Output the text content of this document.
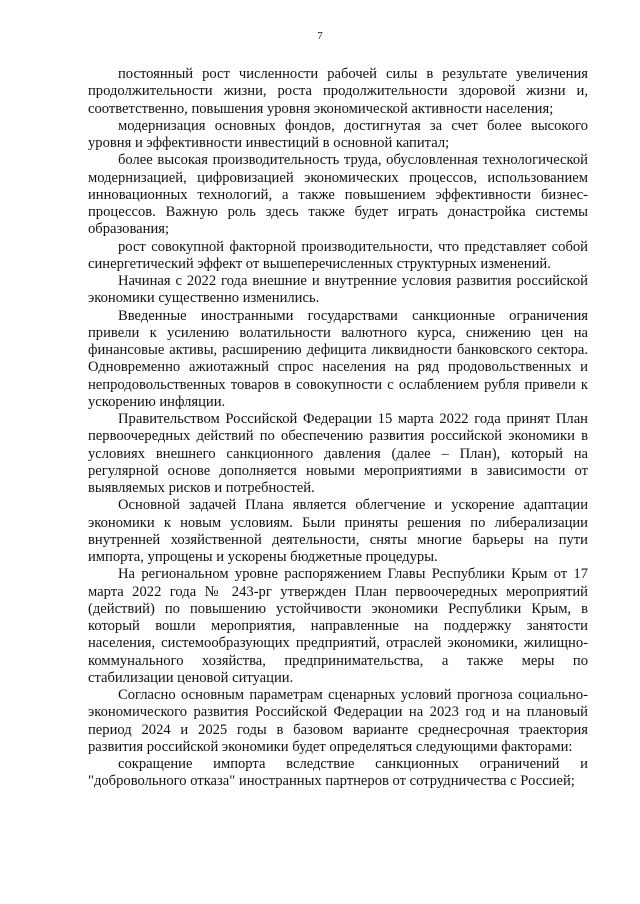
7

постоянный рост численности рабочей силы в результате увеличения продолжительности жизни, роста продолжительности здоровой жизни и, соответственно, повышения уровня экономической активности населения;

модернизация основных фондов, достигнутая за счет более высокого уровня и эффективности инвестиций в основной капитал;

более высокая производительность труда, обусловленная технологической модернизацией, цифровизацией экономических процессов, использованием инновационных технологий, а также повышением эффективности бизнес-процессов. Важную роль здесь также будет играть донастройка системы образования;

рост совокупной факторной производительности, что представляет собой синергетический эффект от вышеперечисленных структурных изменений.

Начиная с 2022 года внешние и внутренние условия развития российской экономики существенно изменились.

Введенные иностранными государствами санкционные ограничения привели к усилению волатильности валютного курса, снижению цен на финансовые активы, расширению дефицита ликвидности банковского сектора. Одновременно ажиотажный спрос населения на ряд продовольственных и непродовольственных товаров в совокупности с ослаблением рубля привели к ускорению инфляции.

Правительством Российской Федерации 15 марта 2022 года принят План первоочередных действий по обеспечению развития российской экономики в условиях внешнего санкционного давления (далее – План), который на регулярной основе дополняется новыми мероприятиями в зависимости от выявляемых рисков и потребностей.

Основной задачей Плана является облегчение и ускорение адаптации экономики к новым условиям. Были приняты решения по либерализации внутренней хозяйственной деятельности, сняты многие барьеры на пути импорта, упрощены и ускорены бюджетные процедуры.

На региональном уровне распоряжением Главы Республики Крым от 17 марта 2022 года № 243-рг утвержден План первоочередных мероприятий (действий) по повышению устойчивости экономики Республики Крым, в который вошли мероприятия, направленные на поддержку занятости населения, системообразующих предприятий, отраслей экономики, жилищно-коммунального хозяйства, предпринимательства, а также меры по стабилизации ценовой ситуации.

Согласно основным параметрам сценарных условий прогноза социально-экономического развития Российской Федерации на 2023 год и на плановый период 2024 и 2025 годы в базовом варианте среднесрочная траектория развития российской экономики будет определяться следующими факторами:

сокращение импорта вследствие санкционных ограничений и "добровольного отказа" иностранных партнеров от сотрудничества с Россией;
